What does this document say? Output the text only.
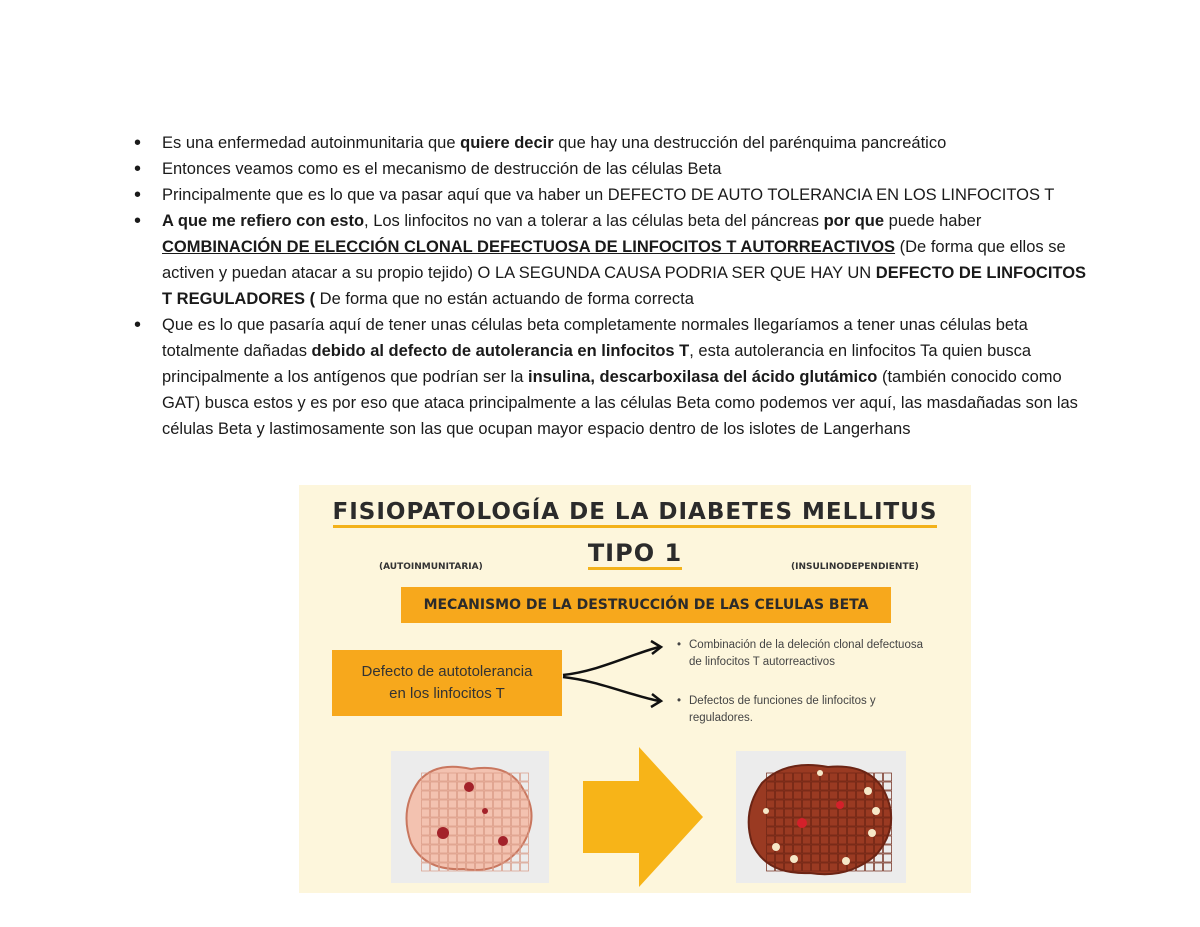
• Es una enfermedad autoinmunitaria que quiere decir que hay una destrucción del parénquima pancreático
• Entonces veamos como es el mecanismo de destrucción de las células Beta
• Principalmente que es lo que va pasar aquí que va haber un DEFECTO DE AUTO TOLERANCIA EN LOS LINFOCITOS T
• A que me refiero con esto, Los linfocitos no van a tolerar a las células beta del páncreas por que puede haber COMBINACIÓN DE ELECCIÓN CLONAL DEFECTUOSA DE LINFOCITOS T AUTORREACTIVOS (De forma que ellos se activen y puedan atacar a su propio tejido) O LA SEGUNDA CAUSA PODRIA SER QUE HAY UN DEFECTO DE LINFOCITOS T REGULADORES ( De forma que no están actuando de forma correcta
• Que es lo que pasaría aquí de tener unas células beta completamente normales llegaríamos a tener unas células beta totalmente dañadas debido al defecto de autolerancia en linfocitos T, esta autolerancia en linfocitos Ta quien busca principalmente a los antígenos que podrían ser la insulina, descarboxilasa del ácido glutámico (también conocido como GAT) busca estos y es por eso que ataca principalmente a las células Beta como podemos ver aquí, las masdañadas son las células Beta y lastimosamente son las que ocupan mayor espacio dentro de los islotes de Langerhans
FISIOPATOLOGÍA DE LA DIABETES MELLITUS
TIPO 1
(AUTOINMUNITARIA)	(INSULINODEPENDIENTE)
MECANISMO DE LA DESTRUCCIÓN DE LAS CELULAS BETA
Defecto de autotolerancia
en los linfocitos T
• Combinación de la deleción clonal defectuosa
de linfocitos T autorreactivos
• Defectos de funciones de linfocitos y
reguladores.
